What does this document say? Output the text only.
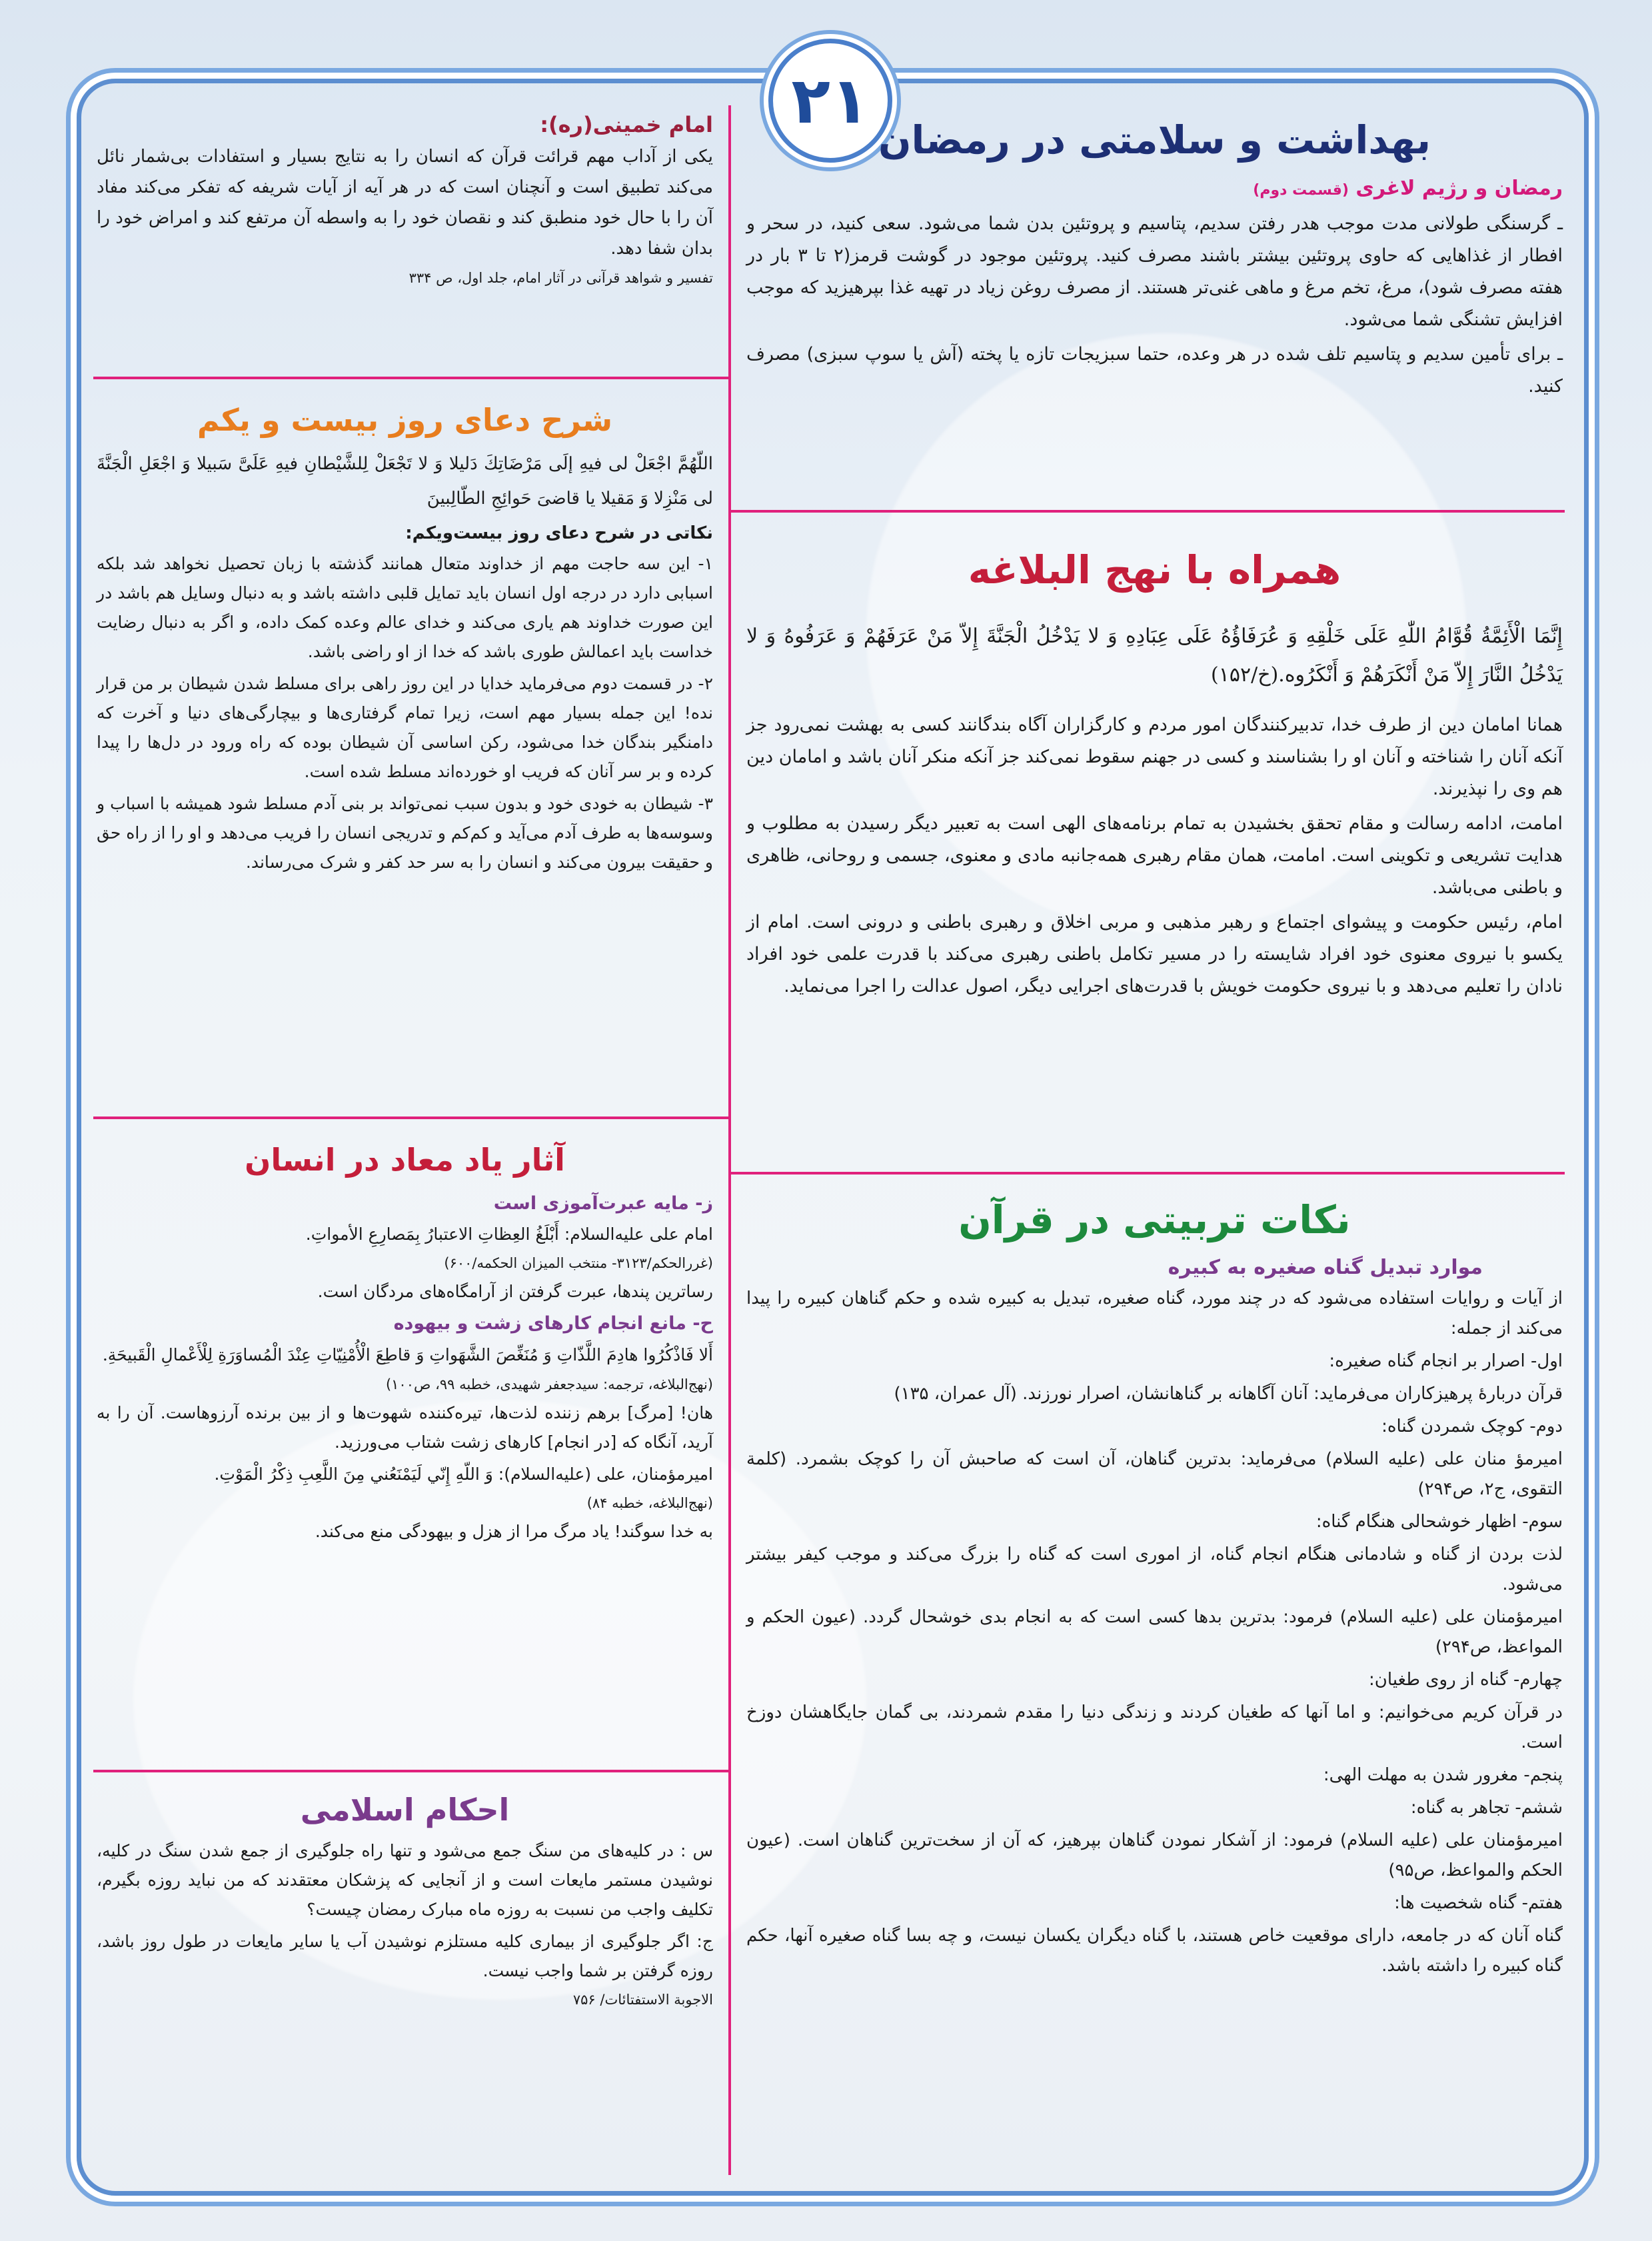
۲۱
بهداشت و سلامتی در رمضان
رمضان و رژیم لاغری (قسمت دوم)

ـ گرسنگی طولانی مدت موجب هدر رفتن سدیم، پتاسیم و پروتئین بدن شما می‌شود. سعی کنید، در سحر و افطار از غذاهایی که حاوی پروتئین بیشتر باشند مصرف کنید. پروتئین موجود در گوشت قرمز(۲ تا ۳ بار در هفته مصرف شود)، مرغ، تخم مرغ و ماهی غنی‌تر هستند. از مصرف روغن زیاد در تهیه غذا بپرهیزید که موجب افزایش تشنگی شما می‌شود.

ـ برای تأمین سدیم و پتاسیم تلف شده در هر وعده، حتما سبزیجات تازه یا پخته (آش یا سوپ سبزی) مصرف کنید.

همراه با نهج البلاغه

إِنَّمَا الْأَئِمَّةُ قُوَّامُ اللّٰهِ عَلَى خَلْقِهِ وَ عُرَفَاؤُهُ عَلَى عِبَادِهِ وَ لا يَدْخُلُ الْجَنَّةَ إِلاّ مَنْ عَرَفَهُمْ وَ عَرَفُوهُ وَ لا يَدْخُلُ النَّارَ إِلاّ مَنْ أَنْكَرَهُمْ وَ أَنْكَرُوه.(خ/۱۵۲)

همانا امامان دین از طرف خدا، تدبیرکنندگان امور مردم و کارگزاران آگاه بندگانند کسی به بهشت نمی‌رود جز آنکه آنان را شناخته و آنان او را بشناسند و کسی در جهنم سقوط نمی‌کند جز آنکه منکر آنان باشد و امامان دین هم وی را نپذیرند.

امامت، ادامه رسالت و مقام تحقق بخشیدن به تمام برنامه‌های الهی است به تعبیر دیگر رسیدن به مطلوب و هدایت تشریعی و تکوینی است. امامت، همان مقام رهبری همه‌جانبه مادی و معنوی، جسمی و روحانی، ظاهری و باطنی می‌باشد.

امام، رئیس حکومت و پیشوای اجتماع و رهبر مذهبی و مربی اخلاق و رهبری باطنی و درونی است. امام از یکسو با نیروی معنوی خود افراد شایسته را در مسیر تکامل باطنی رهبری می‌کند با قدرت علمی خود افراد نادان را تعلیم می‌دهد و با نیروی حکومت خویش با قدرت‌های اجرایی دیگر، اصول عدالت را اجرا می‌نماید.

نکات تربیتی در قرآن
موارد تبدیل گناه صغیره به کبیره

از آیات و روایات استفاده می‌شود که در چند مورد، گناه صغیره، تبدیل به کبیره شده و حکم گناهان کبیره را پیدا می‌کند از جمله:

اول- اصرار بر انجام گناه صغیره:

قرآن دربارهٔ پرهیزکاران می‌فرماید: آنان آگاهانه بر گناهانشان، اصرار نورزند. (آل عمران، ۱۳۵)

دوم- کوچک شمردن گناه:

امیرمؤ منان علی (علیه السلام) می‌فرماید: بدترین گناهان، آن است که صاحبش آن را کوچک بشمرد. (کلمة التقوی، ج۲، ص۲۹۴)

سوم- اظهار خوشحالی هنگام گناه:

لذت بردن از گناه و شادمانی هنگام انجام گناه، از اموری است که گناه را بزرگ می‌کند و موجب کیفر بیشتر می‌شود.

امیرمؤمنان علی (علیه السلام) فرمود: بدترین بدها کسی است که به انجام بدی خوشحال گردد. (عیون الحکم و المواعظ، ص۲۹۴)

چهارم- گناه از روی طغیان:

در قرآن کریم می‌خوانیم: و اما آنها که طغیان کردند و زندگی دنیا را مقدم شمردند، بی گمان جایگاهشان دوزخ است.

پنجم- مغرور شدن به مهلت الهی:

ششم- تجاهر به گناه:

امیرمؤمنان علی (علیه السلام) فرمود: از آشکار نمودن گناهان بپرهیز، که آن از سخت‌ترین گناهان است. (عیون الحکم والمواعظ، ص۹۵)

هفتم- گناه شخصیت ها:

گناه آنان که در جامعه، دارای موقعیت خاص هستند، با گناه دیگران یکسان نیست، و چه بسا گناه صغیره آنها، حکم گناه کبیره را داشته باشد.

امام خمینی(ره):

یکی از آداب مهم قرائت قرآن که انسان را به نتایج بسیار و استفادات بی‌شمار نائل می‌کند تطبیق است و آنچنان است که در هر آیه از آیات شریفه که تفکر می‌کند مفاد آن را با حال خود منطبق کند و نقصان خود را به واسطه آن مرتفع کند و امراض خود را بدان شفا دهد.

تفسیر و شواهد قرآنی در آثار امام، جلد اول، ص ۳۳۴

شرح دعای روز بیست و یکم

اللّهُمَّ اجْعَلْ لی فیهِ إلَی مَرْضَاتِكَ دَلیلا وَ لا تَجْعَلْ لِلشَّیْطانِ فیهِ عَلَیَّ سَبیلا وَ اجْعَلِ الْجَنَّةَ لی مَنْزِلا وَ مَقیلا یا قاضیَ حَوائِجِ الطّالِبینَ

نکاتی در شرح دعای روز بیست‌ویکم:

۱- این سه حاجت مهم از خداوند متعال همانند گذشته با زبان تحصیل نخواهد شد بلکه اسبابی دارد در درجه اول انسان باید تمایل قلبی داشته باشد و به دنبال وسایل هم باشد در این صورت خداوند هم یاری می‌کند و خدای عالم وعده کمک داده، و اگر به دنبال رضایت خداست باید اعمالش طوری باشد که خدا از او راضی باشد.

۲- در قسمت دوم می‌فرماید خدایا در این روز راهی برای مسلط شدن شیطان بر من قرار نده! این جمله بسیار مهم است، زیرا تمام گرفتاری‌ها و بیچارگی‌های دنیا و آخرت که دامنگیر بندگان خدا می‌شود، رکن اساسی آن شیطان بوده که راه ورود در دل‌ها را پیدا کرده و بر سر آنان که فریب او خورده‌اند مسلط شده است.

۳- شیطان به خودی خود و بدون سبب نمی‌تواند بر بنی آدم مسلط شود همیشه با اسباب و وسوسه‌ها به طرف آدم می‌آید و کم‌کم و تدریجی انسان را فریب می‌دهد و او را از راه حق و حقیقت بیرون می‌کند و انسان را به سر حد کفر و شرک می‌رساند.

آثار یاد معاد در انسان
ز- مایه عبرت‌آموزی است

امام علی علیه‌السلام: أَبْلَغُ العِظاتِ الاعتبارُ بِمَصارِعِ الأمواتِ.

(غررالحکم/۳۱۲۳- منتخب المیزان الحکمه/۶۰۰)

رساترین پندها، عبرت گرفتن از آرامگاه‌های مردگان است.

ح- مانع انجام کارهای زشت و بیهوده

أَلا فَاذْكُرُوا هادِمَ اللَّذّاتِ وَ مُنَغِّصَ الشَّهَواتِ وَ قاطِعَ الْأُمْنِيّاتِ عِنْدَ الْمُساوَرَةِ لِلْأَعْمالِ الْقَبيحَةِ.

(نهج‌البلاغه، ترجمه: سیدجعفر شهیدی، خطبه ۹۹، ص۱۰۰)

هان! [مرگ] برهم زننده لذت‌ها، تیره‌کننده شهوت‌ها و از بین برنده آرزوهاست. آن را به آرید، آنگاه که [در انجام] کارهای زشت شتاب می‌ورزید.

امیرمؤمنان، علی (علیه‌السلام): وَ اللّهِ إِنّي لَيَمْنَعُني مِنَ اللَّعِبِ ذِكْرُ الْمَوْتِ.

(نهج‌البلاغه، خطبه ۸۴)

به خدا سوگند! یاد مرگ مرا از هزل و بیهودگی منع می‌کند.

احکام اسلامی

س : در کلیه‌های من سنگ جمع می‌شود و تنها راه جلوگیری از جمع شدن سنگ در کلیه، نوشیدن مستمر مایعات است و از آنجایی که پزشکان معتقدند که من نباید روزه بگیرم، تکلیف واجب من نسبت به روزه ماه مبارک رمضان چیست؟

ج: اگر جلوگیری از بیماری کلیه مستلزم نوشیدن آب یا سایر مایعات در طول روز باشد، روزه گرفتن بر شما واجب نیست.

الاجوبة الاستفتائات/ ۷۵۶
